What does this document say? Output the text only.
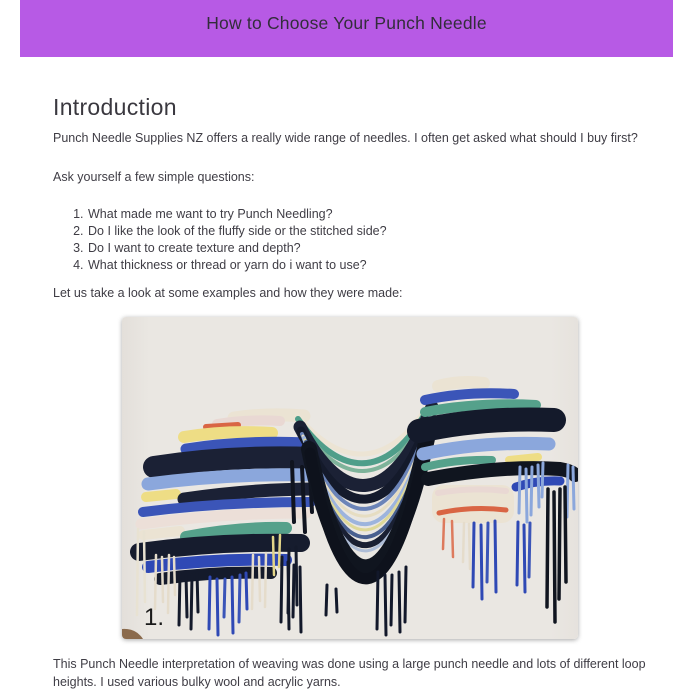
How to Choose Your Punch Needle
Introduction

Punch Needle Supplies NZ offers a really wide range of needles. I often get asked what should I buy first?

Ask yourself a few simple questions:

1. What made me want to try Punch Needling?
2. Do I like the look of the fluffy side or the stitched side?
3. Do I want to create texture and depth?
4. What thickness or thread or yarn do i want to use?

Let us take a look at some examples and how they were made:

1.
This Punch Needle interpretation of weaving was done using a large punch needle and lots of different loop
heights. I used various bulky wool and acrylic yarns.
